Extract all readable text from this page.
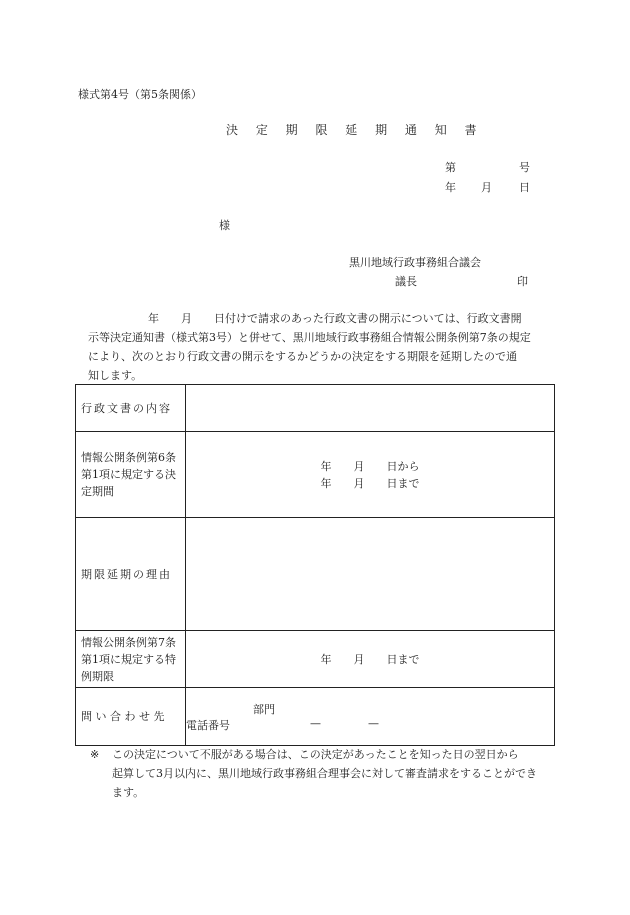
様式第4号（第5条関係）
決 定 期 限 延 期 通 知 書
第	号
年 月 日
様
黒川地域行政事務組合議会
議長	印
年　　月　　日付けで請求のあった行政文書の開示については、行政文書開
示等決定通知書（様式第3号）と併せて、黒川地域行政事務組合情報公開条例第7条の規定
により、次のとおり行政文書の開示をするかどうかの決定をする期限を延期したので通
知します。
行政文書の内容	
情報公開条例第6条第1項に規定する決定期間	年　　月　　日から
年　　月　　日まで

期限延期の理由	
情報公開条例第7条第1項に規定する特例期限	年　　月　　日まで
問 い 合 わ せ 先	部門
電話番号 — —
※ この決定について不服がある場合は、この決定があったことを知った日の翌日から
起算して3月以内に、黒川地域行政事務組合理事会に対して審査請求をすることができ
ます。
